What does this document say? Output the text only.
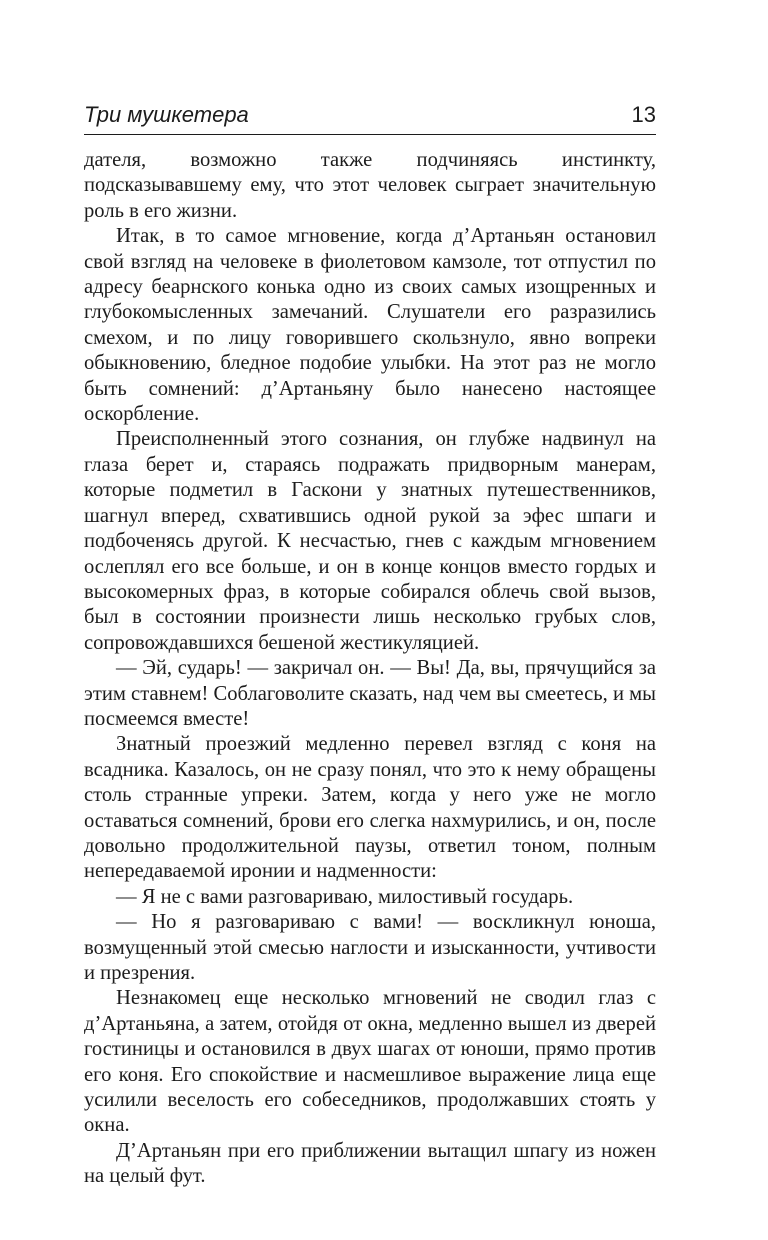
Три мушкетера	13

дателя, возможно также подчиняясь инстинкту, подсказывавшему ему, что этот человек сыграет значительную роль в его жизни.

Итак, в то самое мгновение, когда д’Артаньян остановил свой взгляд на человеке в фиолетовом камзоле, тот отпустил по адресу беарнского конька одно из своих самых изощренных и глубокомысленных замечаний. Слушатели его разразились смехом, и по лицу говорившего скользнуло, явно вопреки обыкновению, бледное подобие улыбки. На этот раз не могло быть сомнений: д’Артаньяну было нанесено настоящее оскорбление.

Преисполненный этого сознания, он глубже надвинул на глаза берет и, стараясь подражать придворным манерам, которые подметил в Гаскони у знатных путешественников, шагнул вперед, схватившись одной рукой за эфес шпаги и подбоченясь другой. К несчастью, гнев с каждым мгновением ослеплял его все больше, и он в конце концов вместо гордых и высокомерных фраз, в которые собирался облечь свой вызов, был в состоянии произнести лишь несколько грубых слов, сопровождавшихся бешеной жестикуляцией.

— Эй, сударь! — закричал он. — Вы! Да, вы, прячущийся за этим ставнем! Соблаговолите сказать, над чем вы смеетесь, и мы посмеемся вместе!

Знатный проезжий медленно перевел взгляд с коня на всадника. Казалось, он не сразу понял, что это к нему обращены столь странные упреки. Затем, когда у него уже не могло оставаться сомнений, брови его слегка нахмурились, и он, после довольно продолжительной паузы, ответил тоном, полным непередаваемой иронии и надменности:

— Я не с вами разговариваю, милостивый государь.

— Но я разговариваю с вами! — воскликнул юноша, возмущенный этой смесью наглости и изысканности, учтивости и презрения.

Незнакомец еще несколько мгновений не сводил глаз с д’Артаньяна, а затем, отойдя от окна, медленно вышел из дверей гостиницы и остановился в двух шагах от юноши, прямо против его коня. Его спокойствие и насмешливое выражение лица еще усилили веселость его собеседников, продолжавших стоять у окна.

Д’Артаньян при его приближении вытащил шпагу из ножен на целый фут.
